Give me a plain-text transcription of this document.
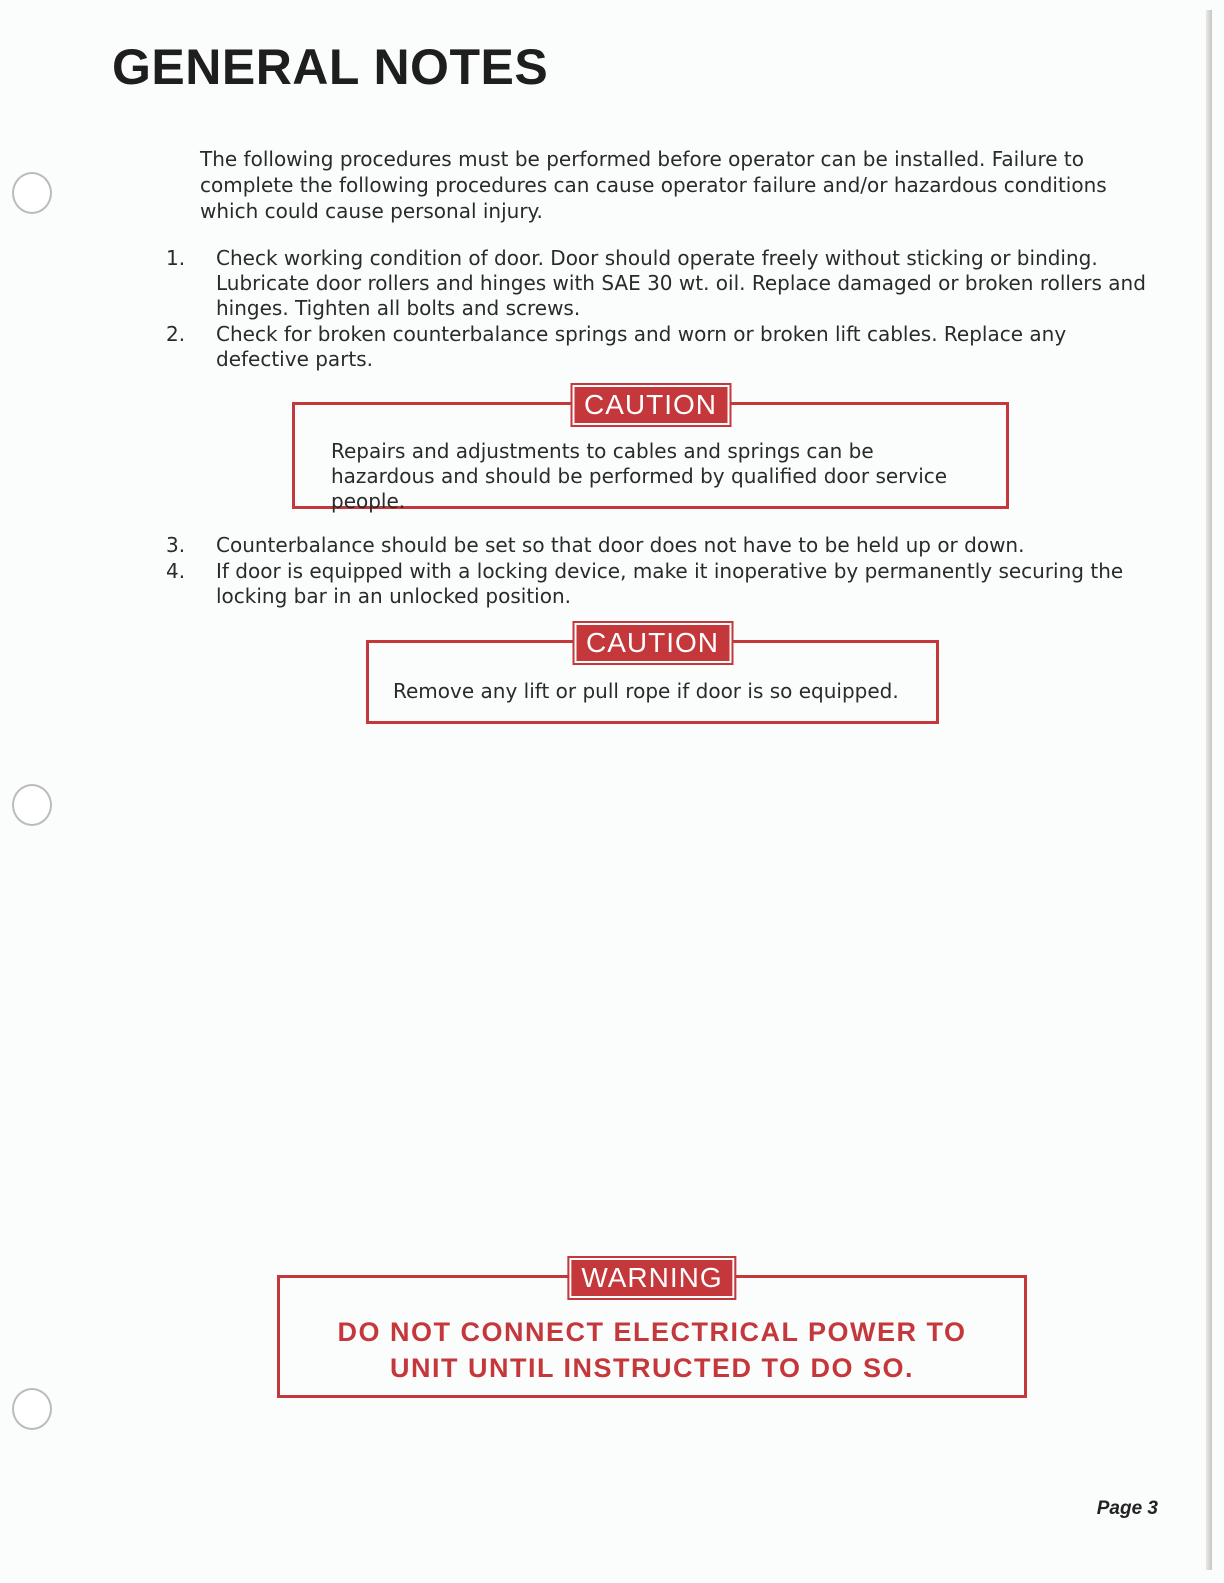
GENERAL NOTES

The following procedures must be performed before operator can be installed. Failure to complete the following procedures can cause operator failure and/or hazardous conditions which could cause personal injury.

1. Check working condition of door. Door should operate freely without sticking or binding. Lubricate door rollers and hinges with SAE 30 wt. oil. Replace damaged or broken rollers and hinges. Tighten all bolts and screws.
2. Check for broken counterbalance springs and worn or broken lift cables. Replace any defective parts.
CAUTION
Repairs and adjustments to cables and springs can be hazardous and should be performed by qualified door service people.
3. Counterbalance should be set so that door does not have to be held up or down.
4. If door is equipped with a locking device, make it inoperative by permanently securing the locking bar in an unlocked position.
CAUTION
Remove any lift or pull rope if door is so equipped.
WARNING
DO NOT CONNECT ELECTRICAL POWER TO
UNIT UNTIL INSTRUCTED TO DO SO.
Page 3
